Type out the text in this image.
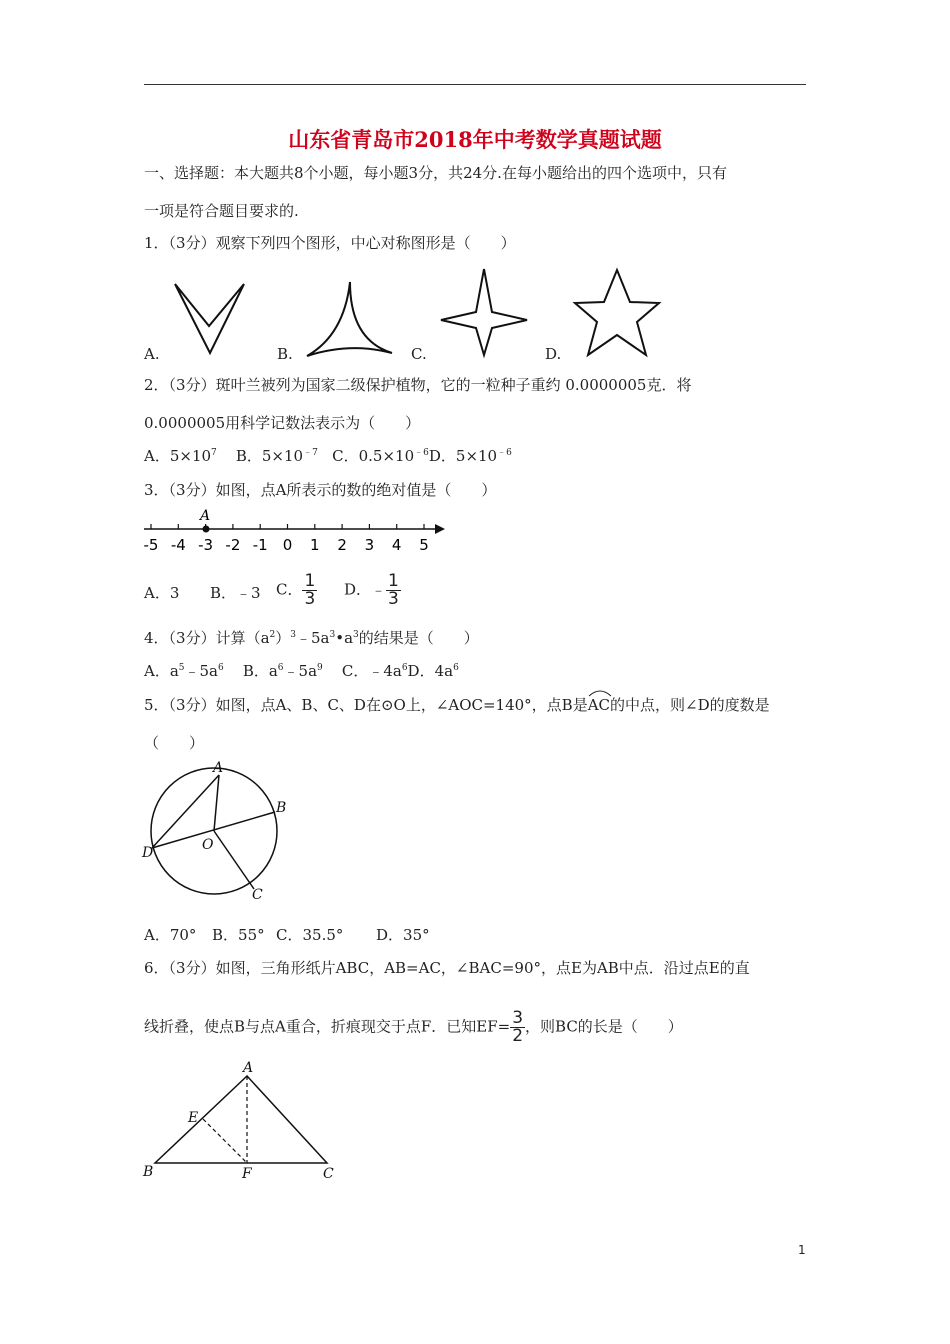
山东省青岛市2018年中考数学真题试题
一、选择题：本大题共8个小题，每小题3分，共24分.在每小题给出的四个选项中，只有
一项是符合题目要求的.
1．（3分）观察下列四个图形，中心对称图形是（　　）
A.	B.	C.	D.
2．（3分）斑叶兰被列为国家二级保护植物，它的一粒种子重约 0.0000005克．将
0.0000005用科学记数法表示为（　　）
A．$5\times 10^7$ B．$5\times 10^{﹣7}$ C．$0.5\times 10^{﹣6}D$．$5\times 10^{﹣6}$
3．（3分）如图，点A所表示的数的绝对值是（　　）
-5 -4 -3 -2 -1 0 1 2 3 4 5
A
A．3 B．﹣3 C． $\frac{1}{3}$ D．﹣ $\frac{1}{3}$
4．（3分）计算$(a^2)^3﹣5a^3•a^3$的结果是（　　）
A．$a^5﹣5a^6$ B．$a^6﹣5a^9$ C．$﹣4a^6D$．$4a^6$
5．（3分）如图，点A、B、C、D在⊙O上，∠AOC=140°，点B是AC
的中点，则∠D的度数是
（　　）
A
B
O
D
C
A．70° B．55° C．35.5° D．35°
6．（3分）如图，三角形纸片ABC，AB=AC，∠BAC=90°，点E为AB中点．沿过点E的直
线折叠，使点B与点A重合，折痕现交于点F．已知$EF= \frac{3}{2}$ ，则BC的长是（　　）
A
E
B	F	C
1
